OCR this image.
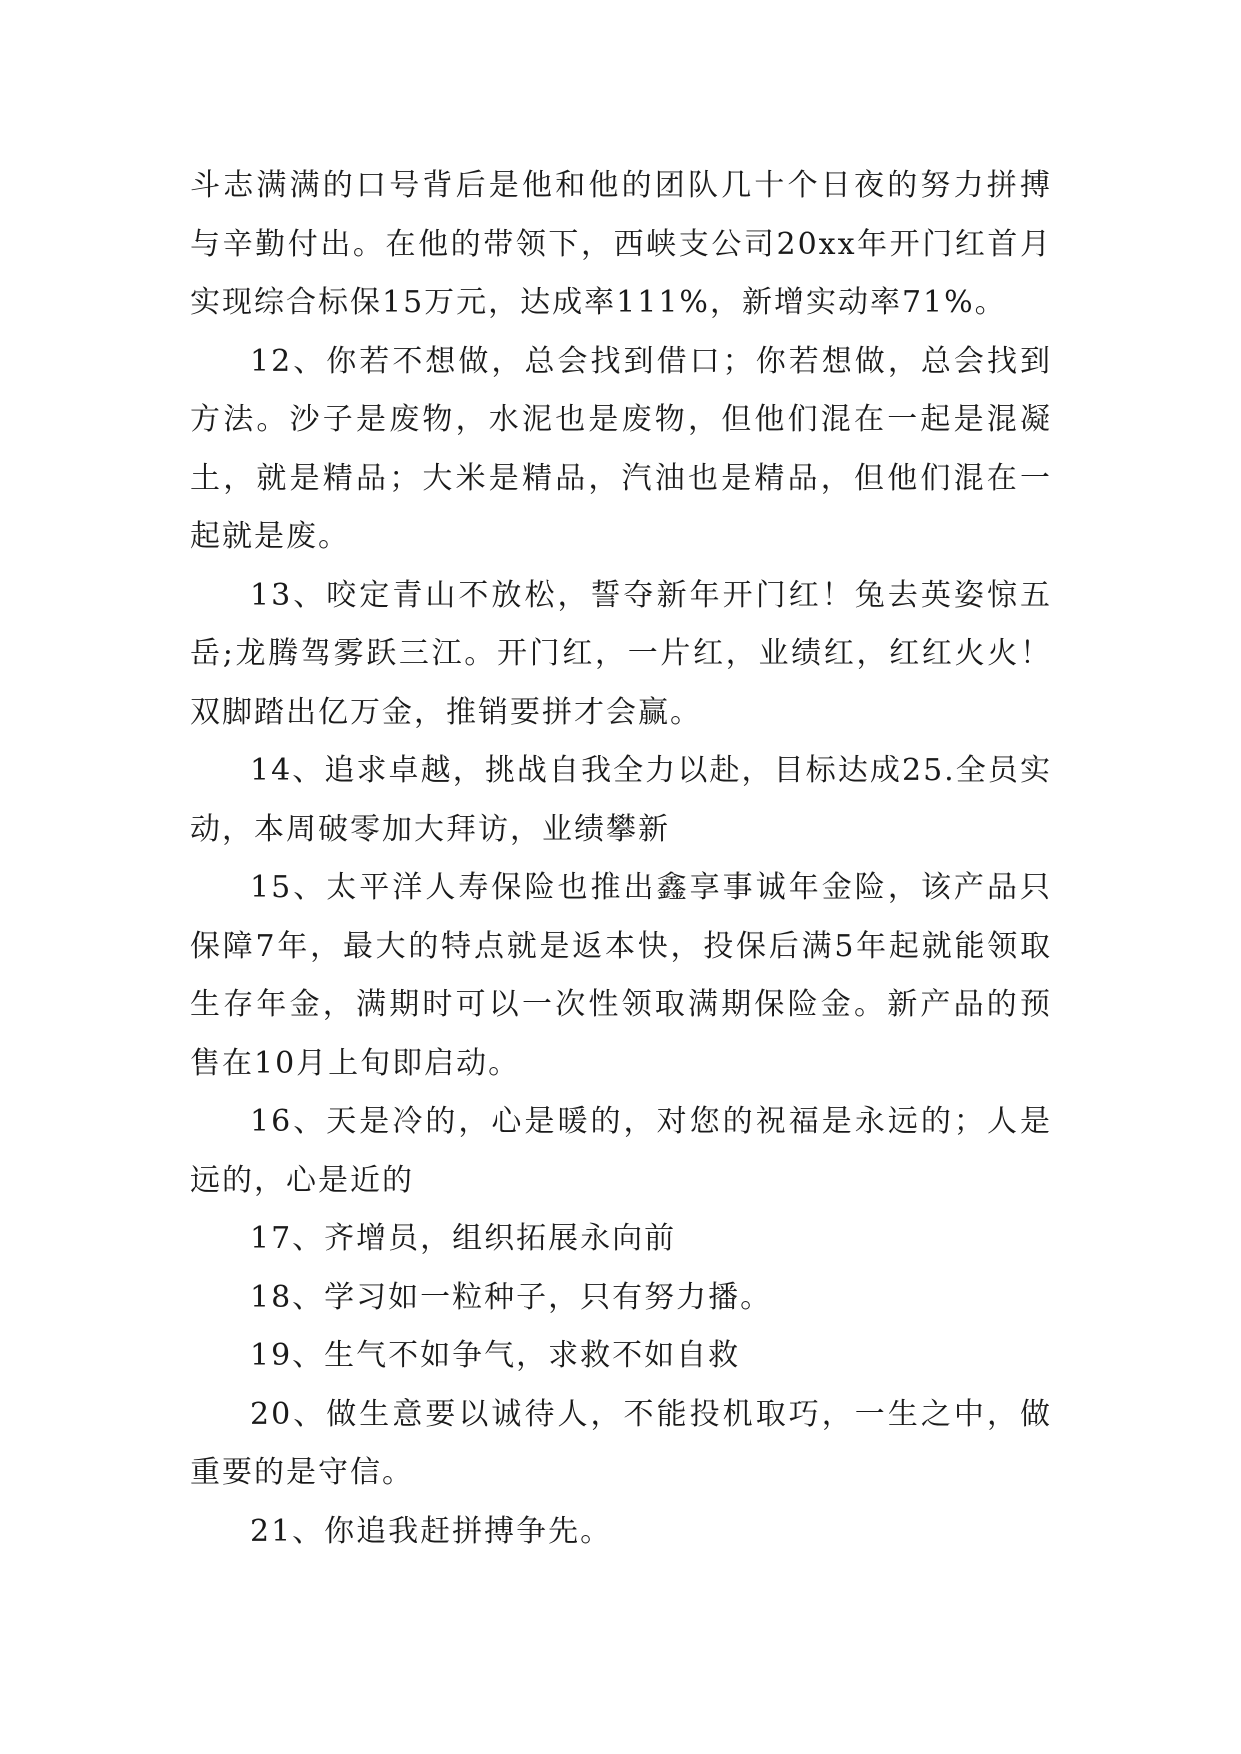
斗志满满的口号背后是他和他的团队几十个日夜的努力拼搏与辛勤付出。在他的带领下，西峡支公司20xx年开门红首月实现综合标保15万元，达成率111%，新增实动率71%。

12、你若不想做，总会找到借口；你若想做，总会找到方法。沙子是废物，水泥也是废物，但他们混在一起是混凝土，就是精品；大米是精品，汽油也是精品，但他们混在一起就是废。

13、咬定青山不放松，誓夺新年开门红！兔去英姿惊五岳;龙腾驾雾跃三江。开门红，一片红，业绩红，红红火火！双脚踏出亿万金，推销要拼才会赢。

14、追求卓越，挑战自我全力以赴，目标达成25.全员实动，本周破零加大拜访，业绩攀新

15、太平洋人寿保险也推出鑫享事诚年金险，该产品只保障7年，最大的特点就是返本快，投保后满5年起就能领取生存年金，满期时可以一次性领取满期保险金。新产品的预售在10月上旬即启动。

16、天是冷的，心是暖的，对您的祝福是永远的；人是远的，心是近的

17、齐增员，组织拓展永向前

18、学习如一粒种子，只有努力播。

19、生气不如争气，求救不如自救

20、做生意要以诚待人，不能投机取巧，一生之中，做重要的是守信。

21、你追我赶拼搏争先。
